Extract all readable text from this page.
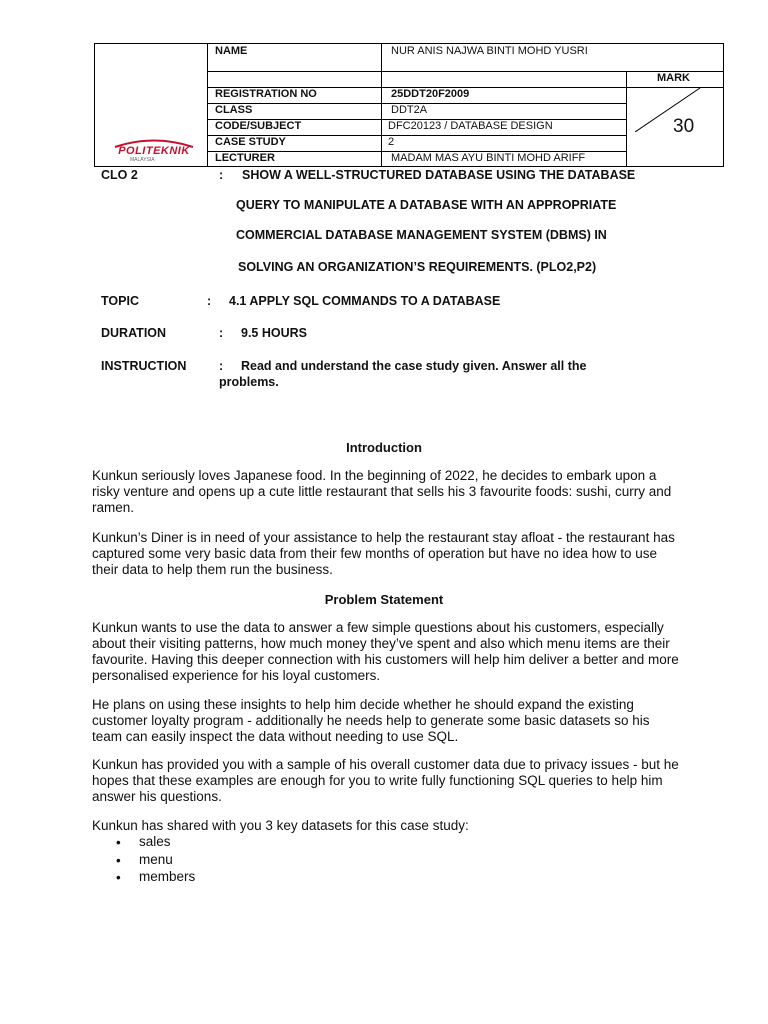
NAME	NUR ANIS NAJWA BINTI MOHD YUSRI
REGISTRATION NO	25DDT20F2009
CLASS	DDT2A
CODE/SUBJECT	DFC20123 / DATABASE DESIGN
CASE STUDY	2
LECTURER	MADAM MAS AYU BINTI MOHD ARIFF
MARK
30
POLITEKNIK
MALAYSIA
CLO 2	: SHOW A WELL-STRUCTURED DATABASE USING THE DATABASE
QUERY TO MANIPULATE A DATABASE WITH AN APPROPRIATE
COMMERCIAL DATABASE MANAGEMENT SYSTEM (DBMS) IN
SOLVING AN ORGANIZATION’S REQUIREMENTS. (PLO2,P2)
TOPIC	: 4.1 APPLY SQL COMMANDS TO A DATABASE
DURATION	: 9.5 HOURS
INSTRUCTION	: Read and understand the case study given. Answer all the
problems.
Introduction
Kunkun seriously loves Japanese food. In the beginning of 2022, he decides to embark upon a risky venture and opens up a cute little restaurant that sells his 3 favourite foods: sushi, curry and ramen.
Kunkun’s Diner is in need of your assistance to help the restaurant stay afloat - the restaurant has captured some very basic data from their few months of operation but have no idea how to use their data to help them run the business.
Problem Statement
Kunkun wants to use the data to answer a few simple questions about his customers, especially about their visiting patterns, how much money they’ve spent and also which menu items are their favourite. Having this deeper connection with his customers will help him deliver a better and more personalised experience for his loyal customers.
He plans on using these insights to help him decide whether he should expand the existing customer loyalty program - additionally he needs help to generate some basic datasets so his team can easily inspect the data without needing to use SQL.
Kunkun has provided you with a sample of his overall customer data due to privacy issues - but he hopes that these examples are enough for you to write fully functioning SQL queries to help him answer his questions.
Kunkun has shared with you 3 key datasets for this case study:
• sales
• menu
• members
